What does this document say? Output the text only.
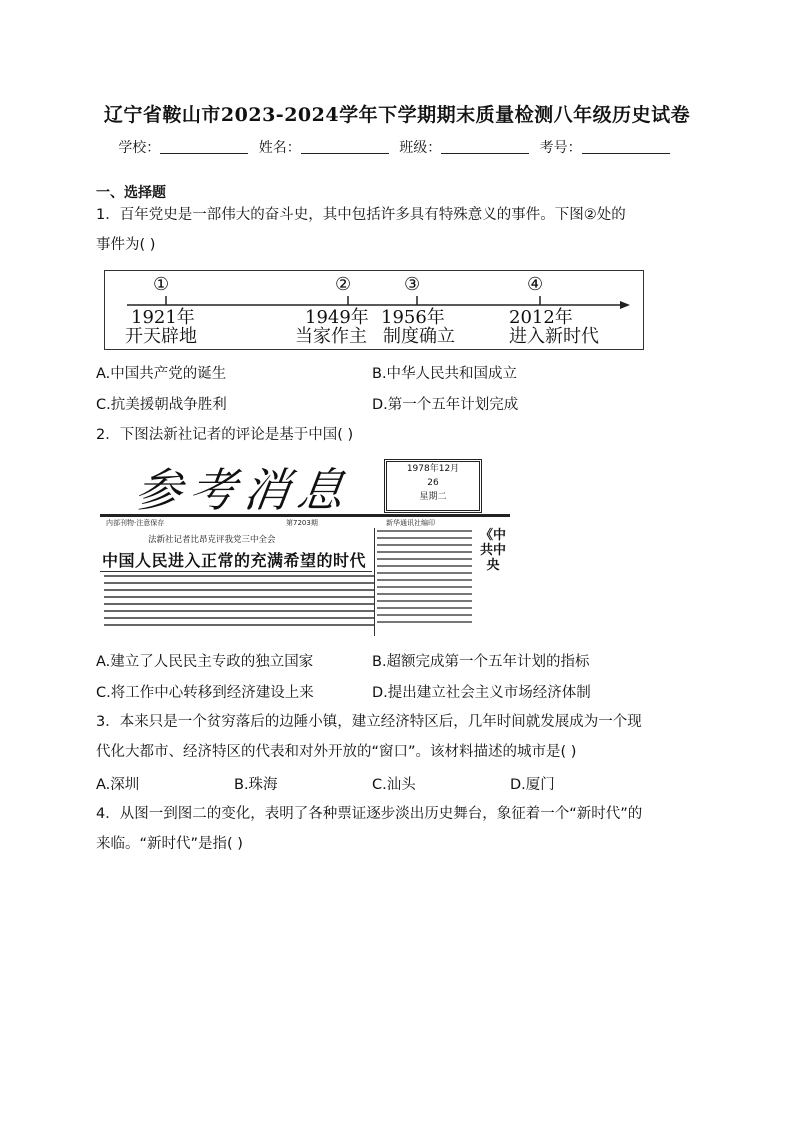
辽宁省鞍山市2023-2024学年下学期期末质量检测八年级历史试卷
学校：	姓名：	班级：	考号：
一、选择题
1．百年党史是一部伟大的奋斗史，其中包括许多具有特殊意义的事件。下图②处的
事件为( )
①	②	③	④
1921年
开天辟地
1949年
当家作主
1956年
制度确立
2012年
进入新时代
A.中国共产党的诞生	B.中华人民共和国成立
C.抗美援朝战争胜利	D.第一个五年计划完成
2．下图法新社记者的评论是基于中国( )
参考消息	1978年12月
26
星期二
内部刊物·注意保存	第7203期	新华通讯社编印
法新社记者比昂克评我党三中全会
中国人民进入正常的充满希望的时代
《中共中央
A.建立了人民民主专政的独立国家	B.超额完成第一个五年计划的指标
C.将工作中心转移到经济建设上来	D.提出建立社会主义市场经济体制
3．本来只是一个贫穷落后的边陲小镇，建立经济特区后，几年时间就发展成为一个现
代化大都市、经济特区的代表和对外开放的“窗口”。该材料描述的城市是( )
A.深圳	B.珠海	C.汕头	D.厦门
4．从图一到图二的变化，表明了各种票证逐步淡出历史舞台，象征着一个“新时代”的
来临。“新时代”是指( )
